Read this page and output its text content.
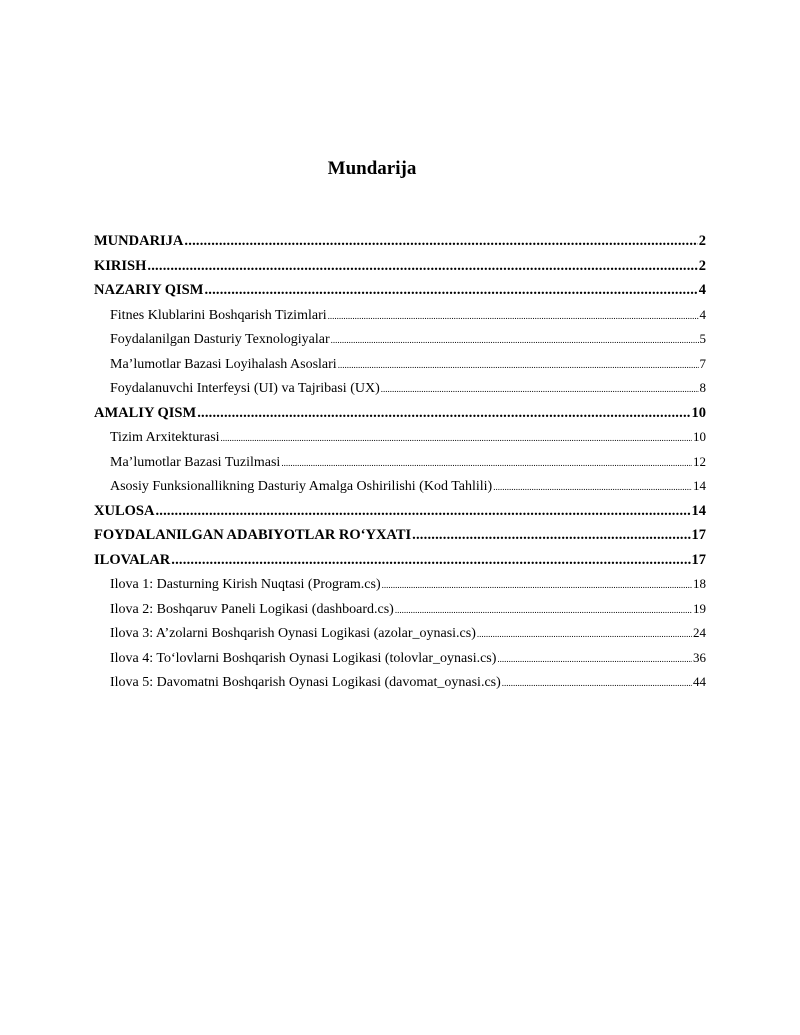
Mundarija
MUNDARIJA .....	2
KIRISH .....	2
NAZARIY QISM .....	4
Fitnes Klublarini Boshqarish Tizimlari .....	4
Foydalanilgan Dasturiy Texnologiyalar .....	5
Ma’lumotlar Bazasi Loyihalash Asoslari .....	7
Foydalanuvchi Interfeysi (UI) va Tajribasi (UX) .....	8
AMALIY QISM .....	10
Tizim Arxitekturasi .....	10
Ma’lumotlar Bazasi Tuzilmasi .....	12
Asosiy Funksionallikning Dasturiy Amalga Oshirilishi (Kod Tahlili) .....	14
XULOSA .....	14
FOYDALANILGAN ADABIYOTLAR RO‘YXATI .....	17
ILOVALAR .....	17
Ilova 1: Dasturning Kirish Nuqtasi (Program.cs) .....	18
Ilova 2: Boshqaruv Paneli Logikasi (dashboard.cs) .....	19
Ilova 3: A’zolarni Boshqarish Oynasi Logikasi (azolar_oynasi.cs) .....	24
Ilova 4: To‘lovlarni Boshqarish Oynasi Logikasi (tolovlar_oynasi.cs) .....	36
Ilova 5: Davomatni Boshqarish Oynasi Logikasi (davomat_oynasi.cs) .....	44
